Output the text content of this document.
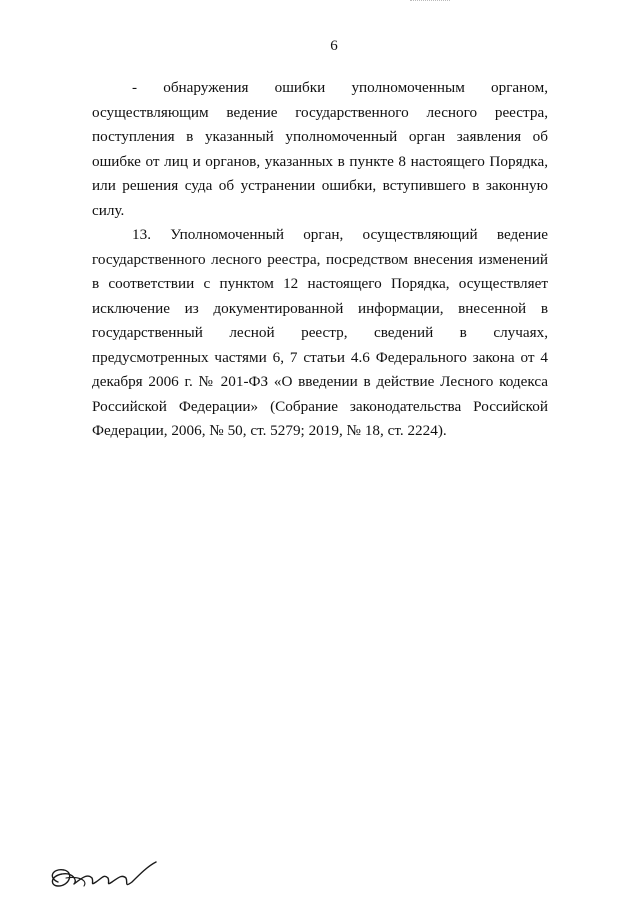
6

- обнаружения ошибки уполномоченным органом, осуществляющим ведение государственного лесного реестра, поступления в указанный уполномоченный орган заявления об ошибке от лиц и органов, указанных в пункте 8 настоящего Порядка, или решения суда об устранении ошибки, вступившего в законную силу.

13. Уполномоченный орган, осуществляющий ведение государственного лесного реестра, посредством внесения изменений в соответствии с пунктом 12 настоящего Порядка, осуществляет исключение из документированной информации, внесенной в государственный лесной реестр, сведений в случаях, предусмотренных частями 6, 7 статьи 4.6 Федерального закона от 4 декабря 2006 г. № 201-ФЗ «О введении в действие Лесного кодекса Российской Федерации» (Собрание законодательства Российской Федерации, 2006, № 50, ст. 5279; 2019, № 18, ст. 2224).
